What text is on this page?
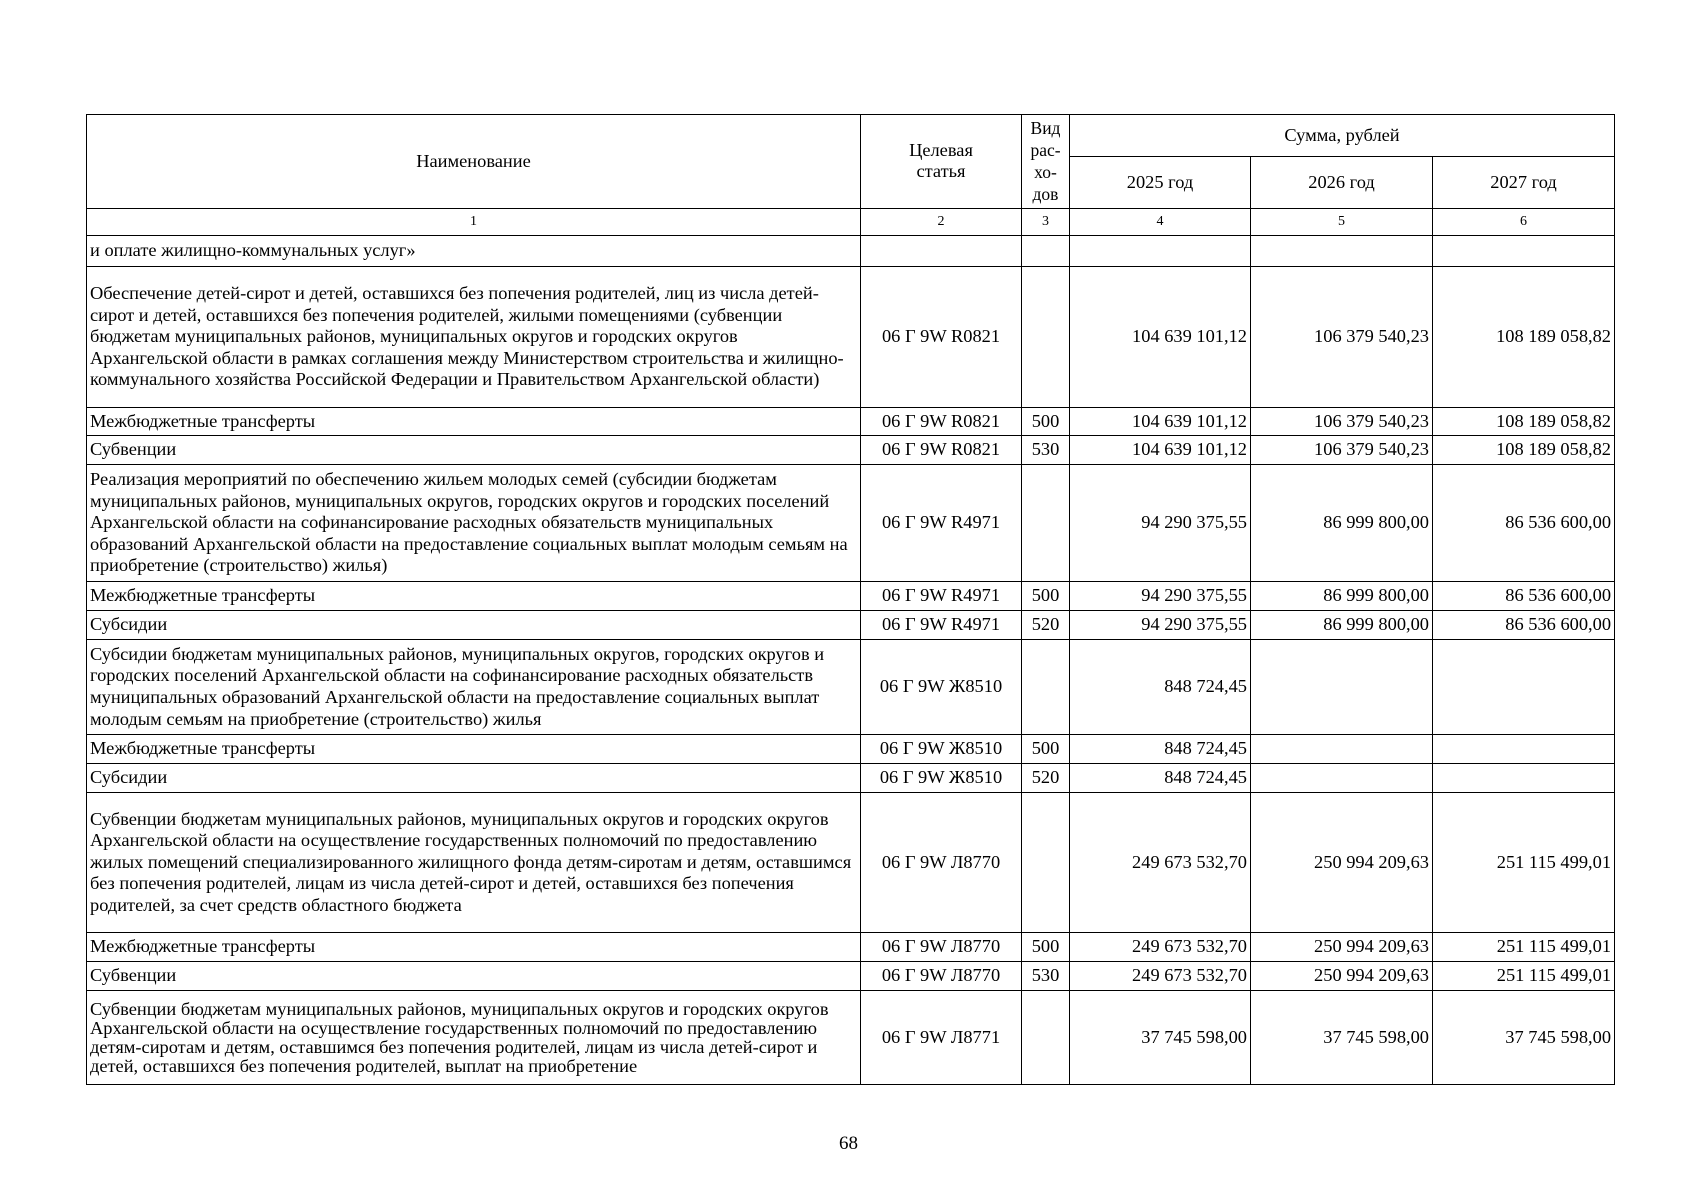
Наименование	Целевая статья	Вид рас-хо-дов	Сумма, рублей		
			2025 год	2026 год	2027 год
1	2	3	4	5	6
и оплате жилищно-коммунальных услуг»					
Обеспечение детей-сирот и детей, оставшихся без попечения родителей, лиц из числа детей-сирот и детей, оставшихся без попечения родителей, жилыми помещениями (субвенции бюджетам муниципальных районов, муниципальных округов и городских округов Архангельской области в рамках соглашения между Министерством строительства и жилищно-коммунального хозяйства Российской Федерации и Правительством Архангельской области)	06 Г 9W R0821		104 639 101,12	106 379 540,23	108 189 058,82
Межбюджетные трансферты	06 Г 9W R0821	500	104 639 101,12	106 379 540,23	108 189 058,82
Субвенции	06 Г 9W R0821	530	104 639 101,12	106 379 540,23	108 189 058,82
Реализация мероприятий по обеспечению жильем молодых семей (субсидии бюджетам муниципальных районов, муниципальных округов, городских округов и городских поселений Архангельской области на софинансирование расходных обязательств муниципальных образований Архангельской области на предоставление социальных выплат молодым семьям на приобретение (строительство) жилья)	06 Г 9W R4971		94 290 375,55	86 999 800,00	86 536 600,00
Межбюджетные трансферты	06 Г 9W R4971	500	94 290 375,55	86 999 800,00	86 536 600,00
Субсидии	06 Г 9W R4971	520	94 290 375,55	86 999 800,00	86 536 600,00
Субсидии бюджетам муниципальных районов, муниципальных округов, городских округов и городских поселений Архангельской области на софинансирование расходных обязательств муниципальных образований Архангельской области на предоставление социальных выплат молодым семьям на приобретение (строительство) жилья	06 Г 9W Ж8510		848 724,45		
Межбюджетные трансферты	06 Г 9W Ж8510	500	848 724,45		
Субсидии	06 Г 9W Ж8510	520	848 724,45		
Субвенции бюджетам муниципальных районов, муниципальных округов и городских округов Архангельской области на осуществление государственных полномочий по предоставлению жилых помещений специализированного жилищного фонда детям-сиротам и детям, оставшимся без попечения родителей, лицам из числа детей-сирот и детей, оставшихся без попечения родителей, за счет средств областного бюджета	06 Г 9W Л8770		249 673 532,70	250 994 209,63	251 115 499,01
Межбюджетные трансферты	06 Г 9W Л8770	500	249 673 532,70	250 994 209,63	251 115 499,01
Субвенции	06 Г 9W Л8770	530	249 673 532,70	250 994 209,63	251 115 499,01
Субвенции бюджетам муниципальных районов, муниципальных округов и городских округов Архангельской области на осуществление государственных полномочий по предоставлению детям-сиротам и детям, оставшимся без попечения родителей, лицам из числа детей-сирот и детей, оставшихся без попечения родителей, выплат на приобретение	06 Г 9W Л8771		37 745 598,00	37 745 598,00	37 745 598,00
68
